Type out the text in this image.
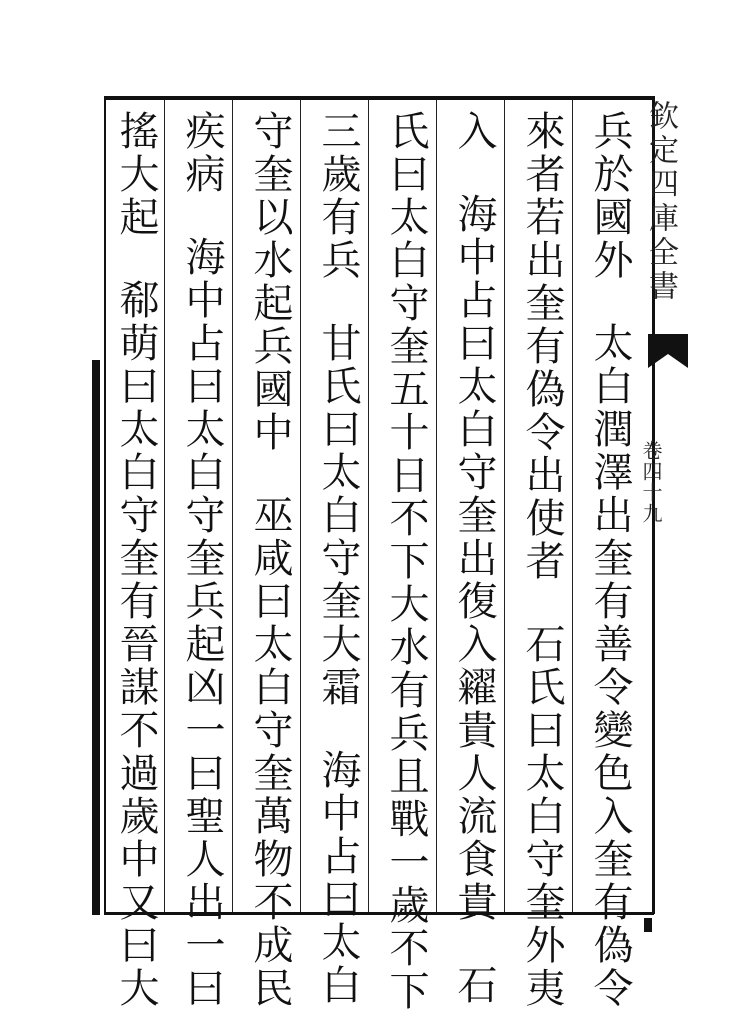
欽定四庫全書
卷四十九
兵於國外太白潤澤出奎有善令變色入奎有偽令
來者若出奎有偽令出使者石氏曰太白守奎外夷
入海中占曰太白守奎出復入糴貴人流食貴石
氏曰太白守奎五十日不下大水有兵且戰一歲不下
三歲有兵甘氏曰太白守奎大霜海中占曰太白
守奎以水起兵國中巫咸曰太白守奎萬物不成民
疾病海中占曰太白守奎兵起凶一曰聖人出一曰
搖大起郗萌曰太白守奎有晉謀不過歲中又曰大
